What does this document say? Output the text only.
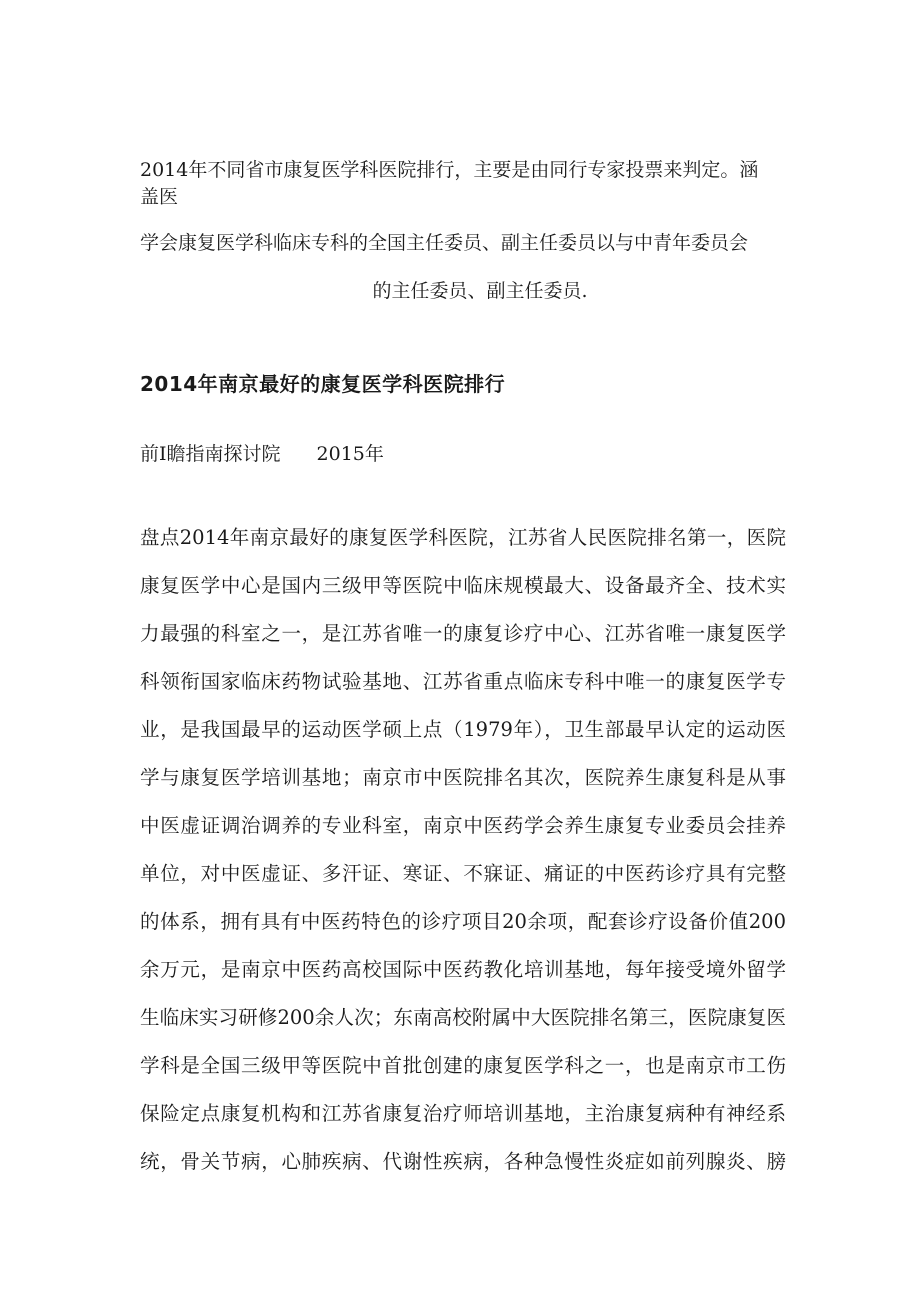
2014年不同省市康复医学科医院排行，主要是由同行专家投票来判定。涵
盖医
学会康复医学科临床专科的全国主任委员、副主任委员以与中青年委员会
的主任委员、副主任委员.
2014年南京最好的康复医学科医院排行
前I瞻指南探讨院 2015年
盘点2014年南京最好的康复医学科医院，江苏省人民医院排名第一，医院
康复医学中心是国内三级甲等医院中临床规模最大、设备最齐全、技术实
力最强的科室之一，是江苏省唯一的康复诊疗中心、江苏省唯一康复医学
科领衔国家临床药物试验基地、江苏省重点临床专科中唯一的康复医学专
业，是我国最早的运动医学硕上点（1979年），卫生部最早认定的运动医
学与康复医学培训基地；南京市中医院排名其次，医院养生康复科是从事
中医虚证调治调养的专业科室，南京中医药学会养生康复专业委员会挂养
单位，对中医虚证、多汗证、寒证、不寐证、痛证的中医药诊疗具有完整
的体系，拥有具有中医药特色的诊疗项目20余项，配套诊疗设备价值200
余万元，是南京中医药高校国际中医药教化培训基地，每年接受境外留学
生临床实习研修200余人次；东南高校附属中大医院排名第三，医院康复医
学科是全国三级甲等医院中首批创建的康复医学科之一，也是南京市工伤
保险定点康复机构和江苏省康复治疗师培训基地，主治康复病种有神经系
统，骨关节病，心肺疾病、代谢性疾病，各种急慢性炎症如前列腺炎、膀
